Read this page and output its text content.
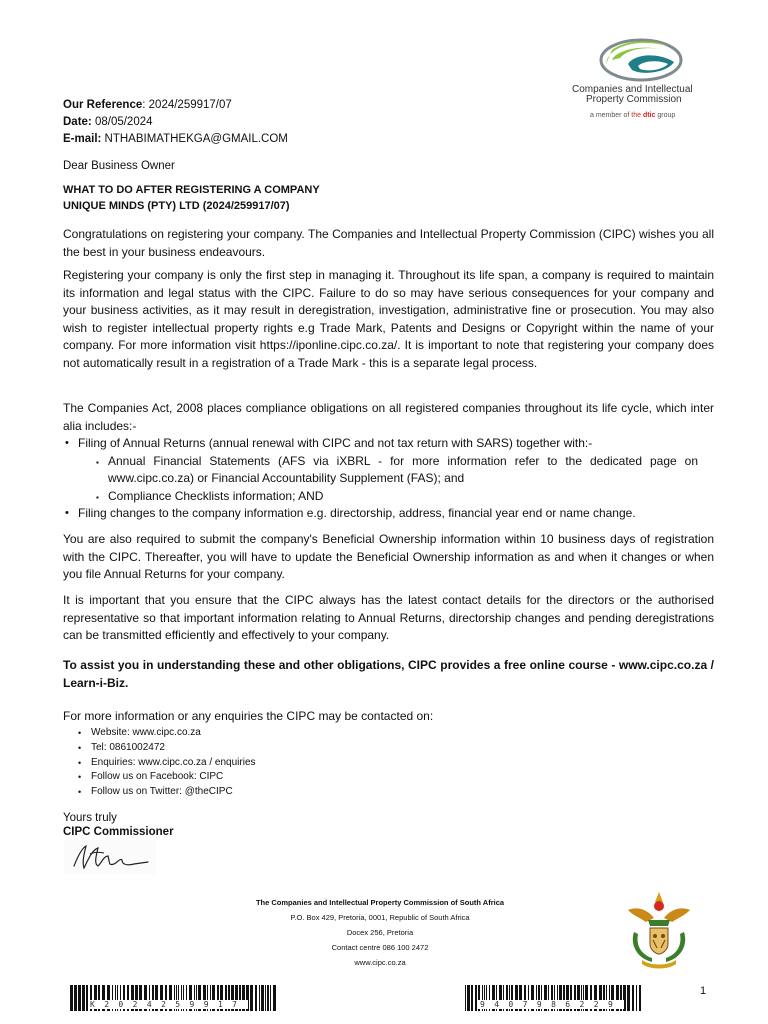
Companies and Intellectual
Property Commission
a member of the dtic group
Our Reference: 2024/259917/07
Date: 08/05/2024
E-mail: NTHABIMATHEKGA@GMAIL.COM
Dear Business Owner
WHAT TO DO AFTER REGISTERING A COMPANY
UNIQUE MINDS (PTY) LTD (2024/259917/07)

Congratulations on registering your company. The Companies and Intellectual Property Commission (CIPC) wishes you all the best in your business endeavours.

Registering your company is only the first step in managing it. Throughout its life span, a company is required to maintain its information and legal status with the CIPC. Failure to do so may have serious consequences for your company and your business activities, as it may result in deregistration, investigation, administrative fine or prosecution. You may also wish to register intellectual property rights e.g Trade Mark, Patents and Designs or Copyright within the name of your company. For more information visit https://iponline.cipc.co.za/. It is important to note that registering your company does not automatically result in a registration of a Trade Mark - this is a separate legal process.

The Companies Act, 2008 places compliance obligations on all registered companies throughout its life cycle, which inter alia includes:-

• Filing of Annual Returns (annual renewal with CIPC and not tax return with SARS) together with:-
▪ Annual Financial Statements (AFS via iXBRL - for more information refer to the dedicated page on www.cipc.co.za) or Financial Accountability Supplement (FAS); and
▪ Compliance Checklists information; AND
• Filing changes to the company information e.g. directorship, address, financial year end or name change.

You are also required to submit the company's Beneficial Ownership information within 10 business days of registration with the CIPC. Thereafter, you will have to update the Beneficial Ownership information as and when it changes or when you file Annual Returns for your company.

It is important that you ensure that the CIPC always has the latest contact details for the directors or the authorised representative so that important information relating to Annual Returns, directorship changes and pending deregistrations can be transmitted efficiently and effectively to your company.

To assist you in understanding these and other obligations, CIPC provides a free online course - www.cipc.co.za / Learn-i-Biz.

For more information or any enquiries the CIPC may be contacted on:

• Website: www.cipc.co.za
• Tel: 0861002472
• Enquiries: www.cipc.co.za / enquiries
• Follow us on Facebook: CIPC
• Follow us on Twitter: @theCIPC
Yours truly
CIPC Commissioner
The Companies and Intellectual Property Commission of South Africa
P.O. Box 429, Pretoria, 0001, Republic of South Africa
Docex 256, Pretoria
Contact centre 086 100 2472
www.cipc.co.za
K2024259917	9407986229
1
